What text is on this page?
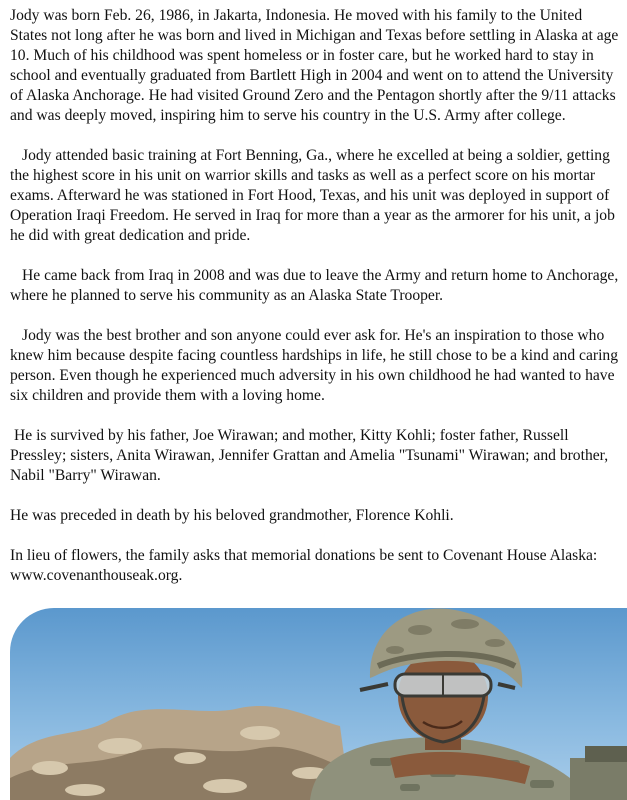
Jody was born Feb. 26, 1986, in Jakarta, Indonesia. He moved with his family to the United States not long after he was born and lived in Michigan and Texas before settling in Alaska at age 10. Much of his childhood was spent homeless or in foster care, but he worked hard to stay in school and eventually graduated from Bartlett High in 2004 and went on to attend the University of Alaska Anchorage. He had visited Ground Zero and the Pentagon shortly after the 9/11 attacks and was deeply moved, inspiring him to serve his country in the U.S. Army after college.

Jody attended basic training at Fort Benning, Ga., where he excelled at being a soldier, getting the highest score in his unit on warrior skills and tasks as well as a perfect score on his mortar exams. Afterward he was stationed in Fort Hood, Texas, and his unit was deployed in support of Operation Iraqi Freedom. He served in Iraq for more than a year as the armorer for his unit, a job he did with great dedication and pride.

He came back from Iraq in 2008 and was due to leave the Army and return home to Anchorage, where he planned to serve his community as an Alaska State Trooper.

Jody was the best brother and son anyone could ever ask for. He's an inspiration to those who knew him because despite facing countless hardships in life, he still chose to be a kind and caring person. Even though he experienced much adversity in his own childhood he had wanted to have six children and provide them with a loving home.

He is survived by his father, Joe Wirawan; and mother, Kitty Kohli; foster father, Russell Pressley; sisters, Anita Wirawan, Jennifer Grattan and Amelia "Tsunami" Wirawan; and brother, Nabil "Barry" Wirawan.

He was preceded in death by his beloved grandmother, Florence Kohli.

In lieu of flowers, the family asks that memorial donations be sent to Covenant House Alaska: www.covenanthouseak.org.
